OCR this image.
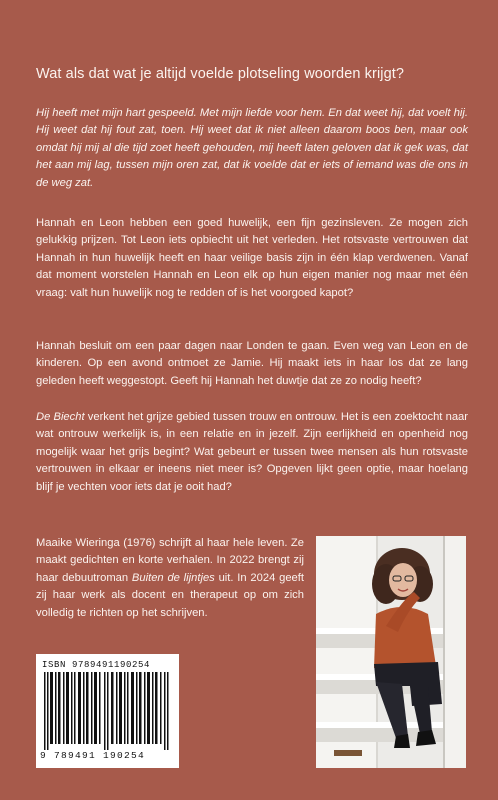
Wat als dat wat je altijd voelde plotseling woorden krijgt?
Hij heeft met mijn hart gespeeld. Met mijn liefde voor hem. En dat weet hij, dat voelt hij. Hij weet dat hij fout zat, toen. Hij weet dat ik niet alleen daarom boos ben, maar ook omdat hij mij al die tijd zoet heeft gehouden, mij heeft laten geloven dat ik gek was, dat het aan mij lag, tussen mijn oren zat, dat ik voelde dat er iets of iemand was die ons in de weg zat.
Hannah en Leon hebben een goed huwelijk, een fijn gezinsleven. Ze mogen zich gelukkig prijzen. Tot Leon iets opbiecht uit het verleden. Het rotsvaste vertrouwen dat Hannah in hun huwelijk heeft en haar veilige basis zijn in één klap verdwenen. Vanaf dat moment worstelen Hannah en Leon elk op hun eigen manier nog maar met één vraag: valt hun huwelijk nog te redden of is het voorgoed kapot?
Hannah besluit om een paar dagen naar Londen te gaan. Even weg van Leon en de kinderen. Op een avond ontmoet ze Jamie. Hij maakt iets in haar los dat ze lang geleden heeft weggestopt. Geeft hij Hannah het duwtje dat ze zo nodig heeft?
De Biecht verkent het grijze gebied tussen trouw en ontrouw. Het is een zoektocht naar wat ontrouw werkelijk is, in een relatie en in jezelf. Zijn eerlijkheid en openheid nog mogelijk waar het grijs begint? Wat gebeurt er tussen twee mensen als hun rotsvaste vertrouwen in elkaar er ineens niet meer is? Opgeven lijkt geen optie, maar hoelang blijf je vechten voor iets dat je ooit had?
Maaike Wieringa (1976) schrijft al haar hele leven. Ze maakt gedichten en korte verhalen. In 2022 brengt zij haar debuutroman Buiten de lijntjes uit. In 2024 geeft zij haar werk als docent en therapeut op om zich volledig te richten op het schrijven.
ISBN 9789491190254
9 789491 190254
